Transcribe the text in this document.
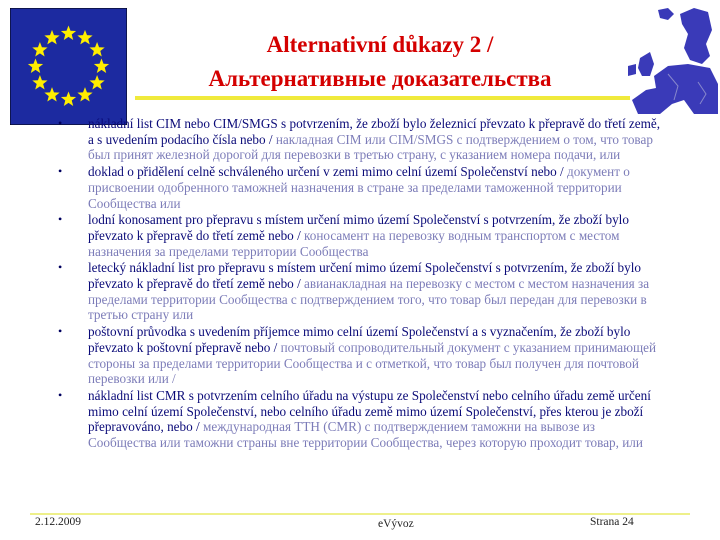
Alternativní důkazy 2 /
Альтернативные доказательства
• nákladní list CIM nebo CIM/SMGS s potvrzením, že zboží bylo železnicí převzato k přepravě do třetí země, a s uvedením podacího čísla nebo / накладная CIM или CIM/SMGS с подтверждением о том, что товар был принят железной дорогой для перевозки в третью страну, с указанием номера подачи, или
• doklad o přidělení celně schváleného určení v zemi mimo celní území Společenství nebo / документ о присвоении одобренного таможней назначения в стране за пределами таможенной территории Сообщества или
• lodní konosament pro přepravu s místem určení mimo území Společenství s potvrzením, že zboží bylo převzato k přepravě do třetí země nebo / коносамент на перевозку водным транспортом с местом назначения за пределами территории Сообщества
• letecký nákladní list pro přepravu s místem určení mimo území Společenství s potvrzením, že zboží bylo převzato k přepravě do třetí země nebo / авианакладная на перевозку с местом с местом назначения за пределами территории Сообщества с подтверждением того, что товар был передан для перевозки в третью страну или
• poštovní průvodka s uvedením příjemce mimo celní území Společenství a s vyznačením, že zboží bylo převzato k poštovní přepravě nebo / почтовый сопроводительный документ с указанием принимающей стороны за пределами территории Сообщества и с отметкой, что товар был получен для почтовой перевозки или /
• nákladní list CMR s potvrzením celního úřadu na výstupu ze Společenství nebo celního úřadu země určení mimo celní území Společenství, nebo celního úřadu země mimo území Společenství, přes kterou je zboží přepravováno, nebo / международная ТТН (CMR) с подтверждением таможни на вывозе из Сообщества или таможни страны вне территории Сообщества, через которую проходит товар, или
2.12.2009	eVývoz	Strana 24
